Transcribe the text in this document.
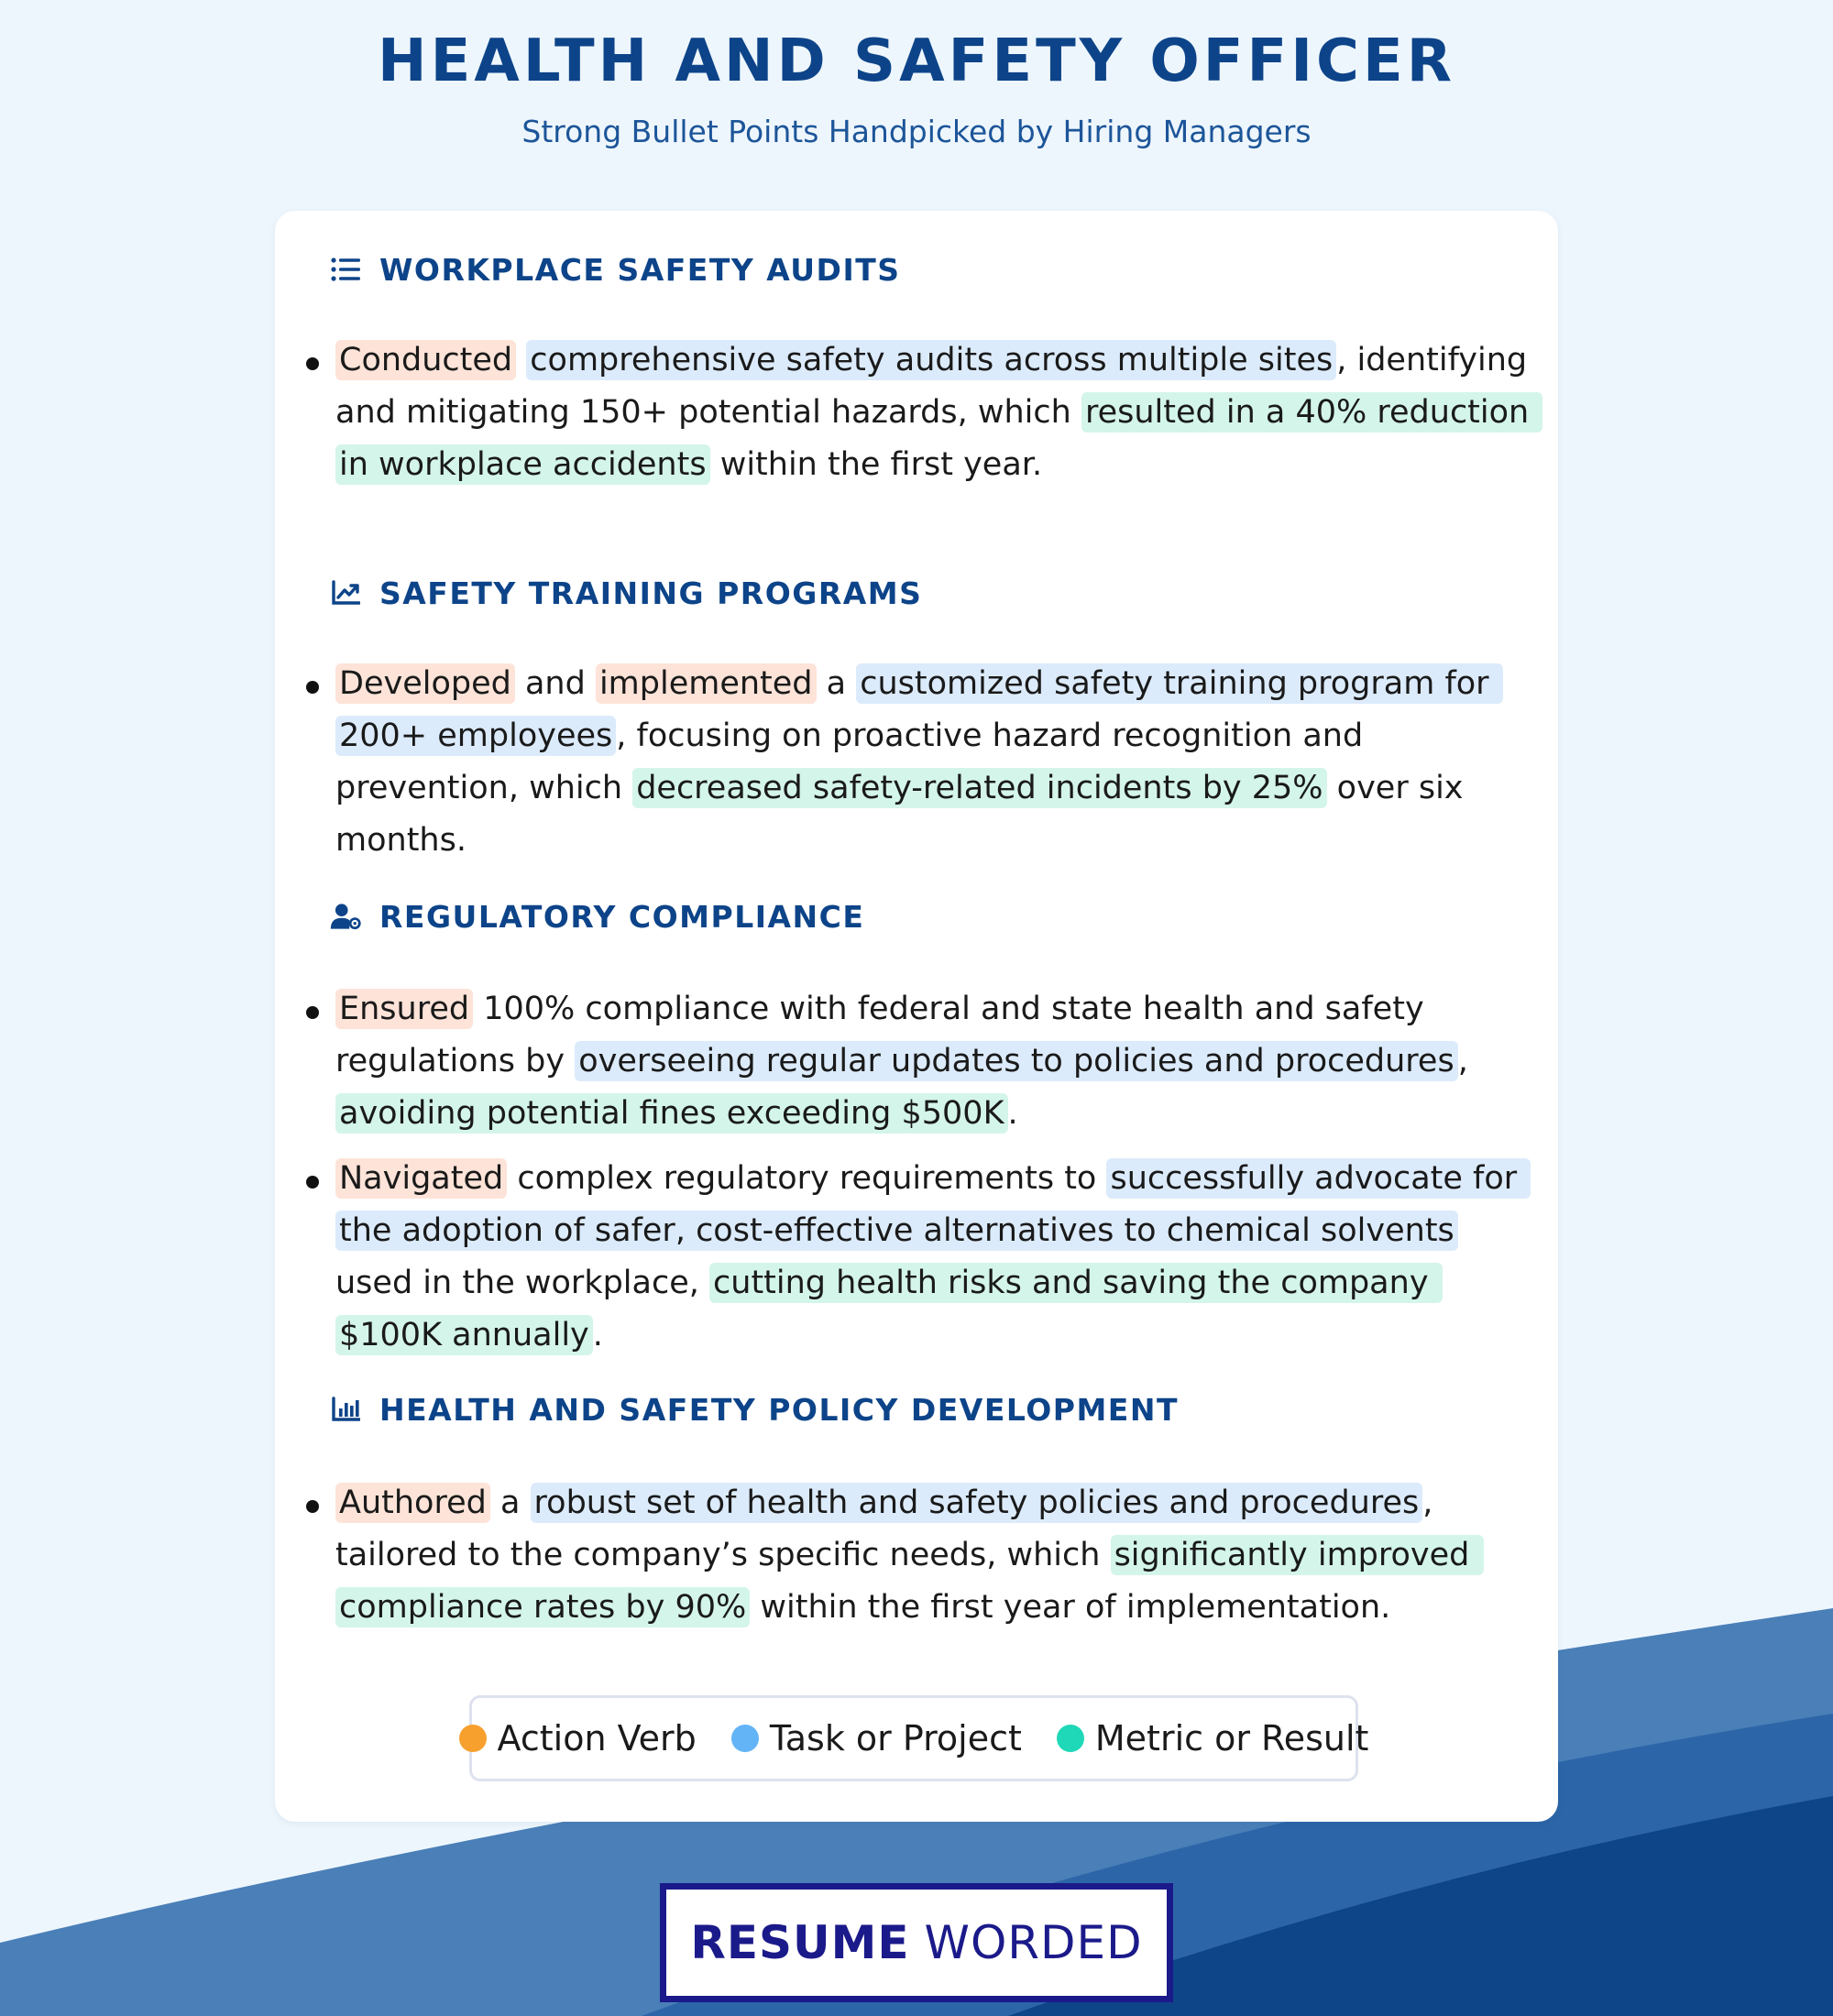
HEALTH AND SAFETY OFFICER
Strong Bullet Points Handpicked by Hiring Managers
WORKPLACE SAFETY AUDITS
Conducted comprehensive safety audits across multiple sites , identifying and mitigating 150+ potential hazards, which resulted in a 40% reduction in workplace accidents within the first year.
SAFETY TRAINING PROGRAMS
Developed and implemented a customized safety training program for 200+ employees , focusing on proactive hazard recognition and prevention, which decreased safety-related incidents by 25% over six months.
REGULATORY COMPLIANCE
Ensured 100% compliance with federal and state health and safety regulations by overseeing regular updates to policies and procedures , avoiding potential fines exceeding $500K .
Navigated complex regulatory requirements to successfully advocate for the adoption of safer, cost-effective alternatives to chemical solvents used in the workplace, cutting health risks and saving the company $100K annually .
HEALTH AND SAFETY POLICY DEVELOPMENT
Authored a robust set of health and safety policies and procedures , tailored to the company’s specific needs, which significantly improved compliance rates by 90% within the first year of implementation.
Action Verb Task or Project Metric or Result
RESUME WORDED
